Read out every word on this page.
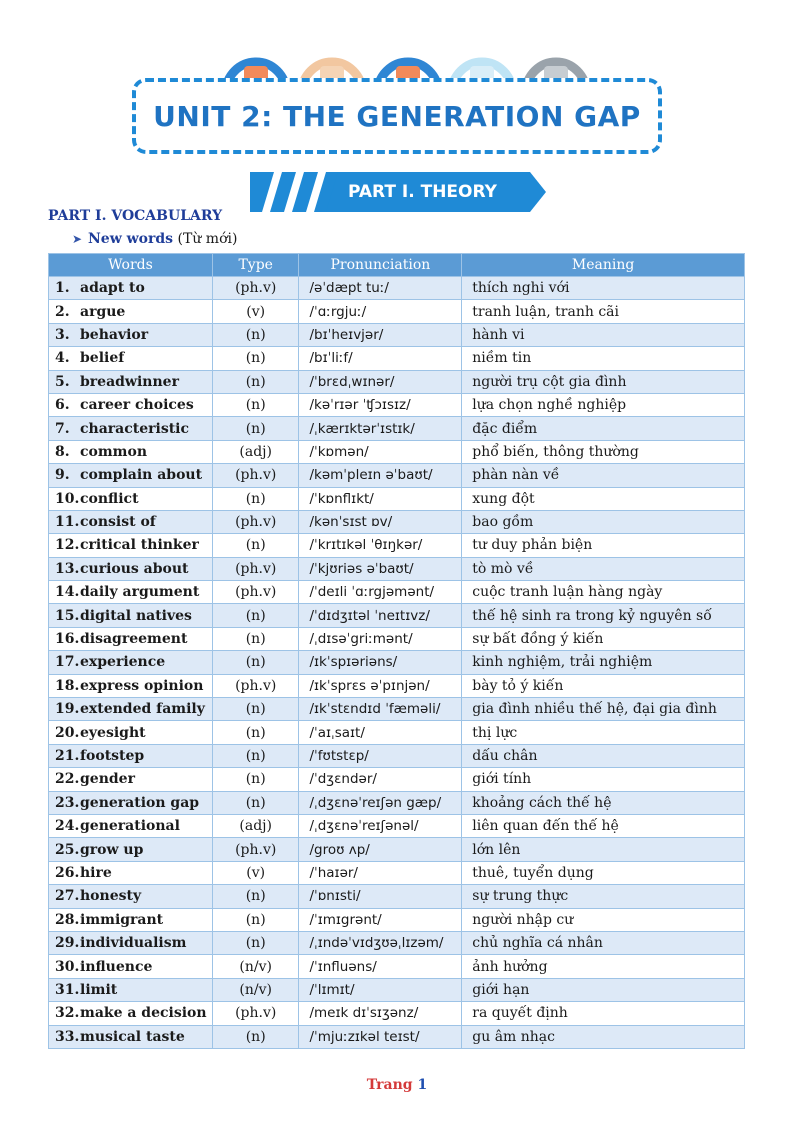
UNIT 2: THE GENERATION GAP
PART I. THEORY
PART I. VOCABULARY
➤ New words (Từ mới)
Words	Type	Pronunciation	Meaning
1. adapt to	(ph.v)	/əˈdæpt tuː/	thích nghi với
2. argue	(v)	/ˈɑːrgjuː/	tranh luận, tranh cãi
3. behavior	(n)	/bɪˈheɪvjər/	hành vi
4. belief	(n)	/bɪˈliːf/	niềm tin
5. breadwinner	(n)	/ˈbrɛdˌwɪnər/	người trụ cột gia đình
6. career choices	(n)	/kəˈrɪər ˈʧɔɪsɪz/	lựa chọn nghề nghiệp
7. characteristic	(n)	/ˌkærɪktərˈɪstɪk/	đặc điểm
8. common	(adj)	/ˈkɒmən/	phổ biến, thông thường
9. complain about	(ph.v)	/kəmˈpleɪn əˈbaʊt/	phàn nàn về
10.conflict	(n)	/ˈkɒnflɪkt/	xung đột
11.consist of	(ph.v)	/kənˈsɪst ɒv/	bao gồm
12.critical thinker	(n)	/ˈkrɪtɪkəl ˈθɪŋkər/	tư duy phản biện
13.curious about	(ph.v)	/ˈkjʊriəs əˈbaʊt/	tò mò về
14.daily argument	(ph.v)	/ˈdeɪli ˈɑːrgjəmənt/	cuộc tranh luận hàng ngày
15.digital natives	(n)	/ˈdɪdʒɪtəl ˈneɪtɪvz/	thế hệ sinh ra trong kỷ nguyên số
16.disagreement	(n)	/ˌdɪsəˈgriːmənt/	sự bất đồng ý kiến
17.experience	(n)	/ɪkˈspɪəriəns/	kinh nghiệm, trải nghiệm
18.express opinion	(ph.v)	/ɪkˈsprɛs əˈpɪnjən/	bày tỏ ý kiến
19.extended family	(n)	/ɪkˈstɛndɪd ˈfæməli/	gia đình nhiều thế hệ, đại gia đình
20.eyesight	(n)	/ˈaɪˌsaɪt/	thị lực
21.footstep	(n)	/ˈfʊtstɛp/	dấu chân
22.gender	(n)	/ˈdʒɛndər/	giới tính
23.generation gap	(n)	/ˌdʒɛnəˈreɪʃən gæp/	khoảng cách thế hệ
24.generational	(adj)	/ˌdʒɛnəˈreɪʃənəl/	liên quan đến thế hệ
25.grow up	(ph.v)	/groʊ ʌp/	lớn lên
26.hire	(v)	/ˈhaɪər/	thuê, tuyển dụng
27.honesty	(n)	/ˈɒnɪsti/	sự trung thực
28.immigrant	(n)	/ˈɪmɪgrənt/	người nhập cư
29.individualism	(n)	/ˌɪndəˈvɪdʒʊəˌlɪzəm/	chủ nghĩa cá nhân
30.influence	(n/v)	/ˈɪnfluəns/	ảnh hưởng
31.limit	(n/v)	/ˈlɪmɪt/	giới hạn
32.make a decision	(ph.v)	/meɪk dɪˈsɪʒənz/	ra quyết định
33.musical taste	(n)	/ˈmjuːzɪkəl teɪst/	gu âm nhạc
Trang 1
